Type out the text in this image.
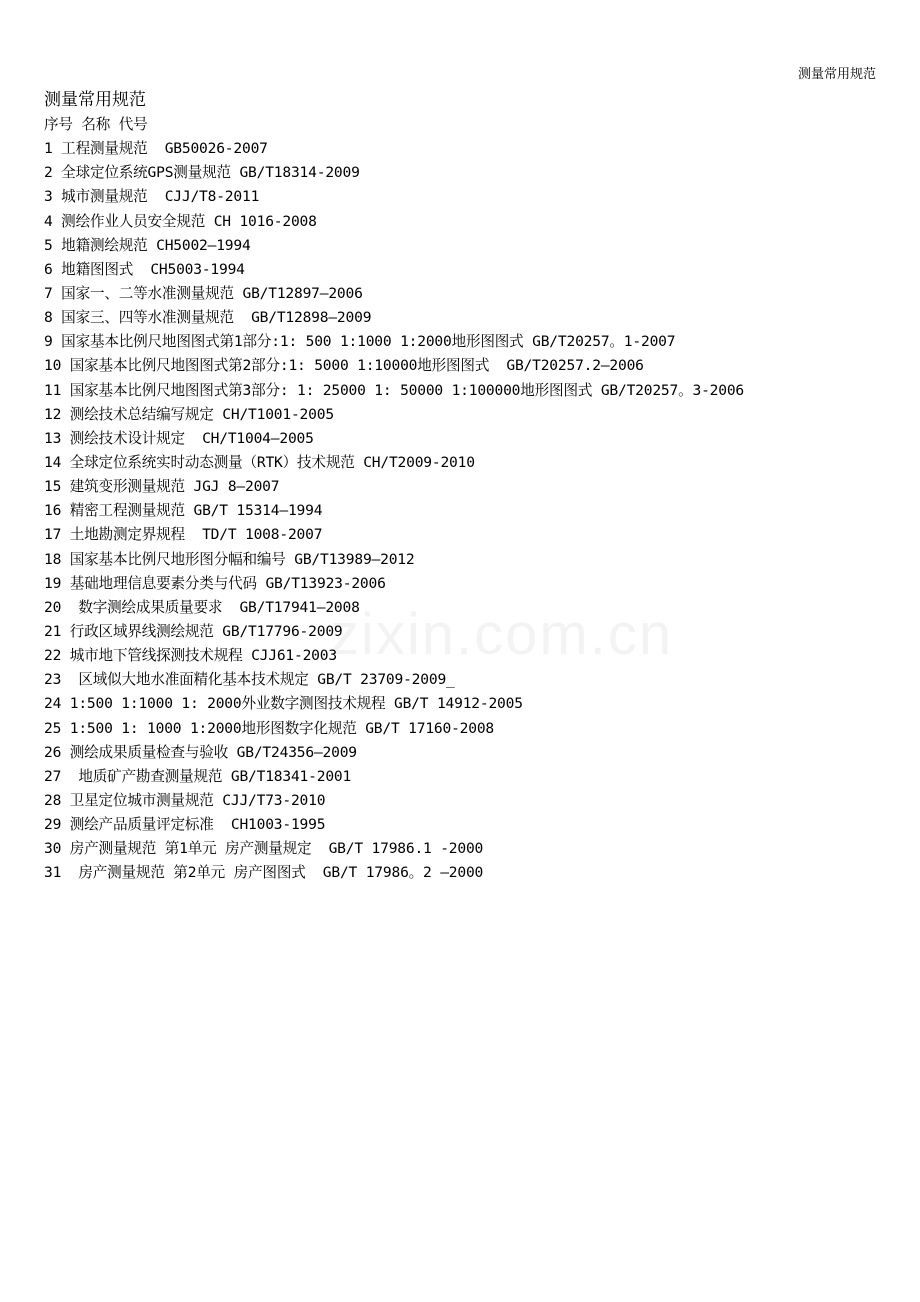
zixin.com.cn
测量常用规范
测量常用规范
序号 名称 代号
1 工程测量规范  GB50026-2007
2 全球定位系统GPS测量规范 GB/T18314-2009
3 城市测量规范  CJJ/T8-2011
4 测绘作业人员安全规范 CH 1016-2008
5 地籍测绘规范 CH5002—1994
6 地籍图图式  CH5003-1994
7 国家一、二等水准测量规范 GB/T12897—2006
8 国家三、四等水准测量规范  GB/T12898—2009
9 国家基本比例尺地图图式第1部分:1: 500 1:1000 1:2000地形图图式 GB/T20257。1-2007
10 国家基本比例尺地图图式第2部分:1: 5000 1:10000地形图图式  GB/T20257.2—2006
11 国家基本比例尺地图图式第3部分: 1: 25000 1: 50000 1:100000地形图图式 GB/T20257。3-2006
12 测绘技术总结编写规定 CH/T1001-2005
13 测绘技术设计规定  CH/T1004—2005
14 全球定位系统实时动态测量（RTK）技术规范 CH/T2009-2010
15 建筑变形测量规范 JGJ 8—2007
16 精密工程测量规范 GB/T 15314—1994
17 土地勘测定界规程  TD/T 1008-2007
18 国家基本比例尺地形图分幅和编号 GB/T13989—2012
19 基础地理信息要素分类与代码 GB/T13923-2006
20  数字测绘成果质量要求  GB/T17941—2008
21 行政区域界线测绘规范 GB/T17796-2009
22 城市地下管线探测技术规程 CJJ61-2003
23  区域似大地水准面精化基本技术规定 GB/T 23709-2009_
24 1:500 1:1000 1: 2000外业数字测图技术规程 GB/T 14912-2005
25 1:500 1: 1000 1:2000地形图数字化规范 GB/T 17160-2008
26 测绘成果质量检查与验收 GB/T24356—2009
27  地质矿产勘查测量规范 GB/T18341-2001
28 卫星定位城市测量规范 CJJ/T73-2010
29 测绘产品质量评定标准  CH1003-1995
30 房产测量规范 第1单元 房产测量规定  GB/T 17986.1 -2000
31  房产测量规范 第2单元 房产图图式  GB/T 17986。2 —2000
